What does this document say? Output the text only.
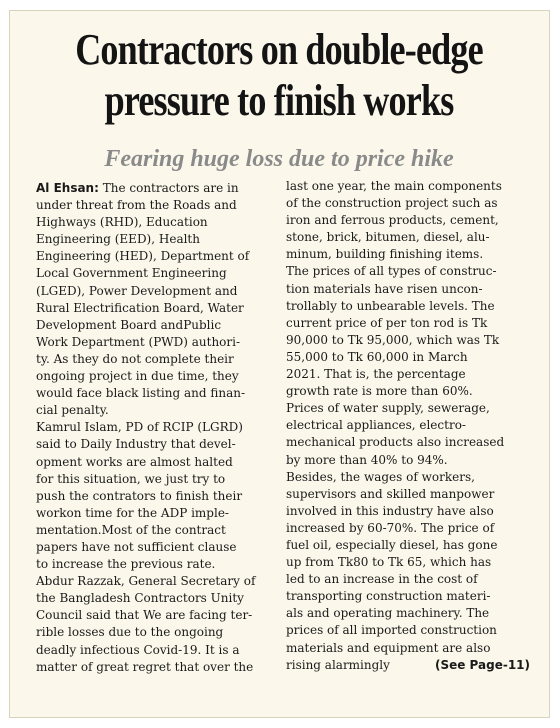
Contractors on double-edge
pressure to finish works
Fearing huge loss due to price hike
Al Ehsan: The contractors are in
under threat from the Roads and
Highways (RHD), Education
Engineering (EED), Health
Engineering (HED), Department of
Local Government Engineering
(LGED), Power Development and
Rural Electrification Board, Water
Development Board andPublic
Work Department (PWD) authori-
ty. As they do not complete their
ongoing project in due time, they
would face black listing and finan-
cial penalty.
Kamrul Islam, PD of RCIP (LGRD)
said to Daily Industry that devel-
opment works are almost halted
for this situation, we just try to
push the contrators to finish their
workon time for the ADP imple-
mentation.Most of the contract
papers have not sufficient clause
to increase the previous rate.
Abdur Razzak, General Secretary of
the Bangladesh Contractors Unity
Council said that We are facing ter-
rible losses due to the ongoing
deadly infectious Covid-19. It is a
matter of great regret that over the
last one year, the main components
of the construction project such as
iron and ferrous products, cement,
stone, brick, bitumen, diesel, alu-
minum, building finishing items.
The prices of all types of construc-
tion materials have risen uncon-
trollably to unbearable levels. The
current price of per ton rod is Tk
90,000 to Tk 95,000, which was Tk
55,000 to Tk 60,000 in March
2021. That is, the percentage
growth rate is more than 60%.
Prices of water supply, sewerage,
electrical appliances, electro-
mechanical products also increased
by more than 40% to 94%.
Besides, the wages of workers,
supervisors and skilled manpower
involved in this industry have also
increased by 60-70%. The price of
fuel oil, especially diesel, has gone
up from Tk80 to Tk 65, which has
led to an increase in the cost of
transporting construction materi-
als and operating machinery. The
prices of all imported construction
materials and equipment are also
rising alarmingly	(See Page-11)
